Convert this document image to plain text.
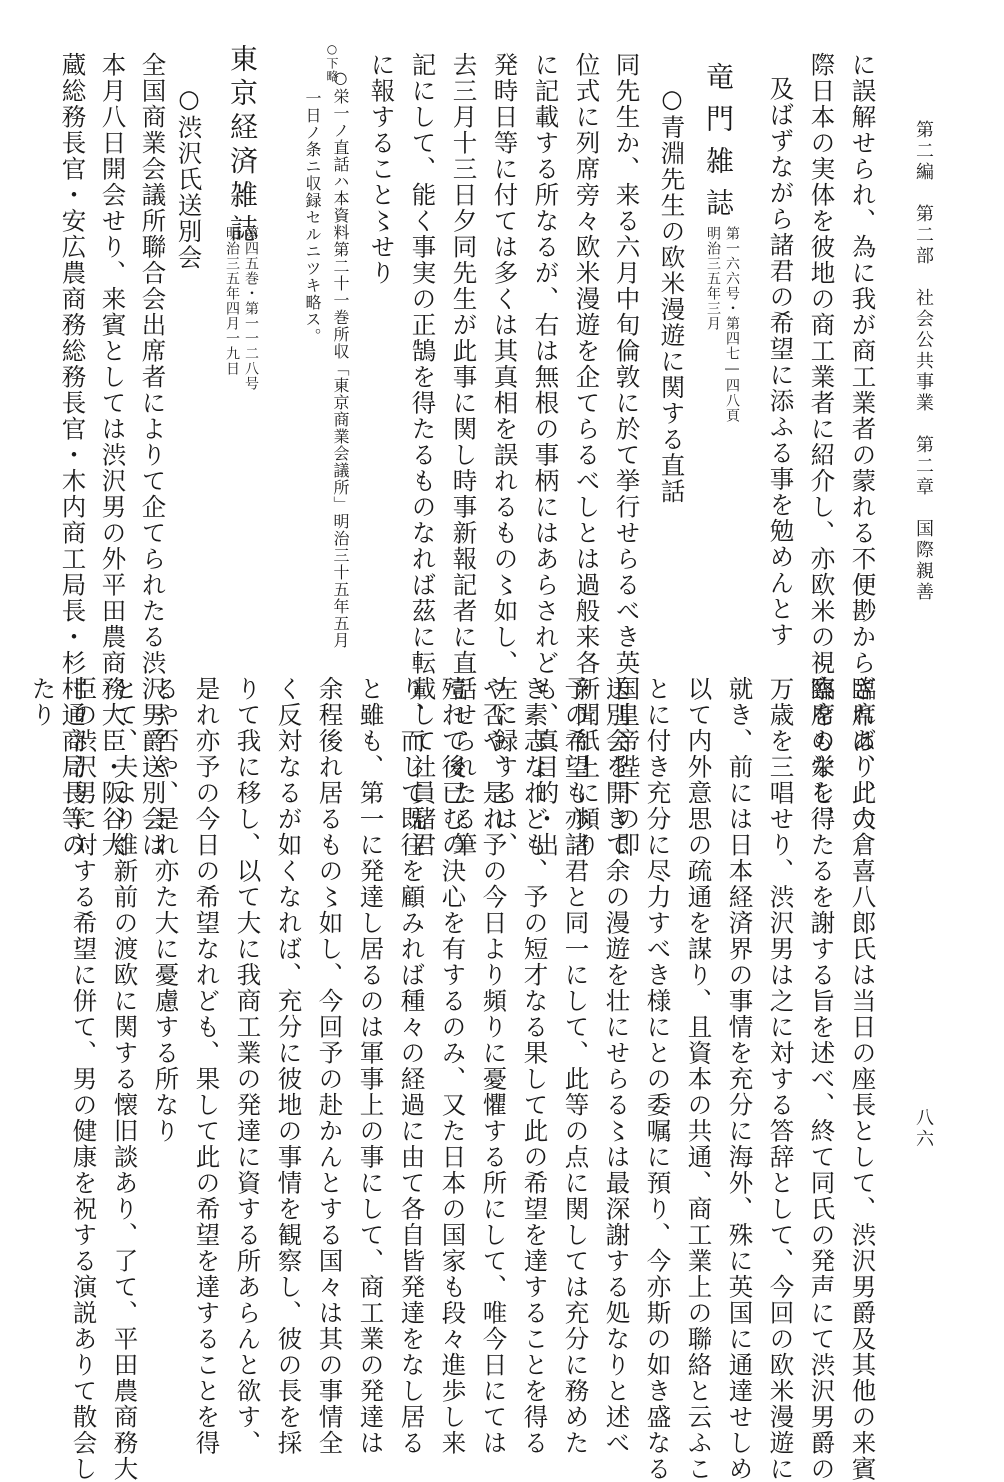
第二編　第二部　社会公共事業　第二章　国際親善
八六
に誤解せられ、為に我が商工業者の蒙れる不便尠からざれば、此の
際日本の実体を彼地の商工業者に紹介し、亦欧米の視察をもなし、
及ばずながら諸君の希望に添ふる事を勉めんとす
竜門雑誌
第一六六号・第四七―四八頁
明治三五年三月
○青淵先生の欧米漫遊に関する直話
同先生か、来る六月中旬倫敦に於て挙行せらるべき英国皇帝陛下の即
位式に列席旁々欧米漫遊を企てらるべしとは過般来各新聞紙上に頻り
に記載する所なるが、右は無根の事柄にはあらされども、真目的・出
発時日等に付ては多くは其真相を誤れるもの〻如し、左に録するは、
去三月十三日夕同先生が此事に関し時事新報記者に直話せられたる筆
記にして、能く事実の正鵠を得たるものなれば茲に転載して社員諸君
に報すること〻せり
○下略
○栄一ノ直話ハ本資料第二十一巻所収「東京商業会議所」明治三十五年五月
一日ノ条ニ収録セルニツキ略ス。
東京経済雑誌
第四五巻・第一一二八号
明治三五年四月一九日
○渋沢氏送別会
全国商業会議所聯合会出席者によりて企てられたる渋沢男爵送別会は
本月八日開会せり、来賓としては渋沢男の外平田農商務大臣・阪谷大
蔵総務長官・安広農商務総務長官・木内商工局長・杉村通商局長等の
臨席あり、大倉喜八郎氏は当日の座長として、渋沢男爵及其他の来賓
臨席の栄を得たるを謝する旨を述べ、終て同氏の発声にて渋沢男爵の
万歳を三唱せり、渋沢男は之に対する答辞として、今回の欧米漫遊に
就き、前には日本経済界の事情を充分に海外、殊に英国に通達せしめ
以て内外意思の疏通を謀り、且資本の共通、商工業上の聯絡と云ふこ
とに付き充分に尽力すべき様にとの委嘱に預り、今亦斯の如き盛なる
送別会を開きて余の漫遊を壮にせらる〻は最深謝する処なりと述べ
予の希望も亦諸君と同一にして、此等の点に関しては充分に務めた
き素志なれども、予の短才なる果して此の希望を達することを得る
や否や、是れ予の今日より頻りに憂懼する所にして、唯今日にては
殪れて後已むの決心を有するのみ、又た日本の国家も段々進歩し来
り、而して既往を顧みれば種々の経過に由て各自皆発達をなし居る
と雖も、第一に発達し居るのは軍事上の事にして、商工業の発達は
余程後れ居るもの〻如し、今回予の赴かんとする国々は其の事情全
く反対なるが如くなれば、充分に彼地の事情を観察し、彼の長を採
りて我に移し、以て大に我商工業の発達に資する所あらんと欲す、
是れ亦予の今日の希望なれども、果して此の希望を達することを得
るや否や、是れ亦た大に憂慮する所なり
とて、夫より維新前の渡欧に関する懐旧談あり、了て、平田農商務大
臣の渋沢男に対する希望に併て、男の健康を祝する演説ありて散会し
たり
